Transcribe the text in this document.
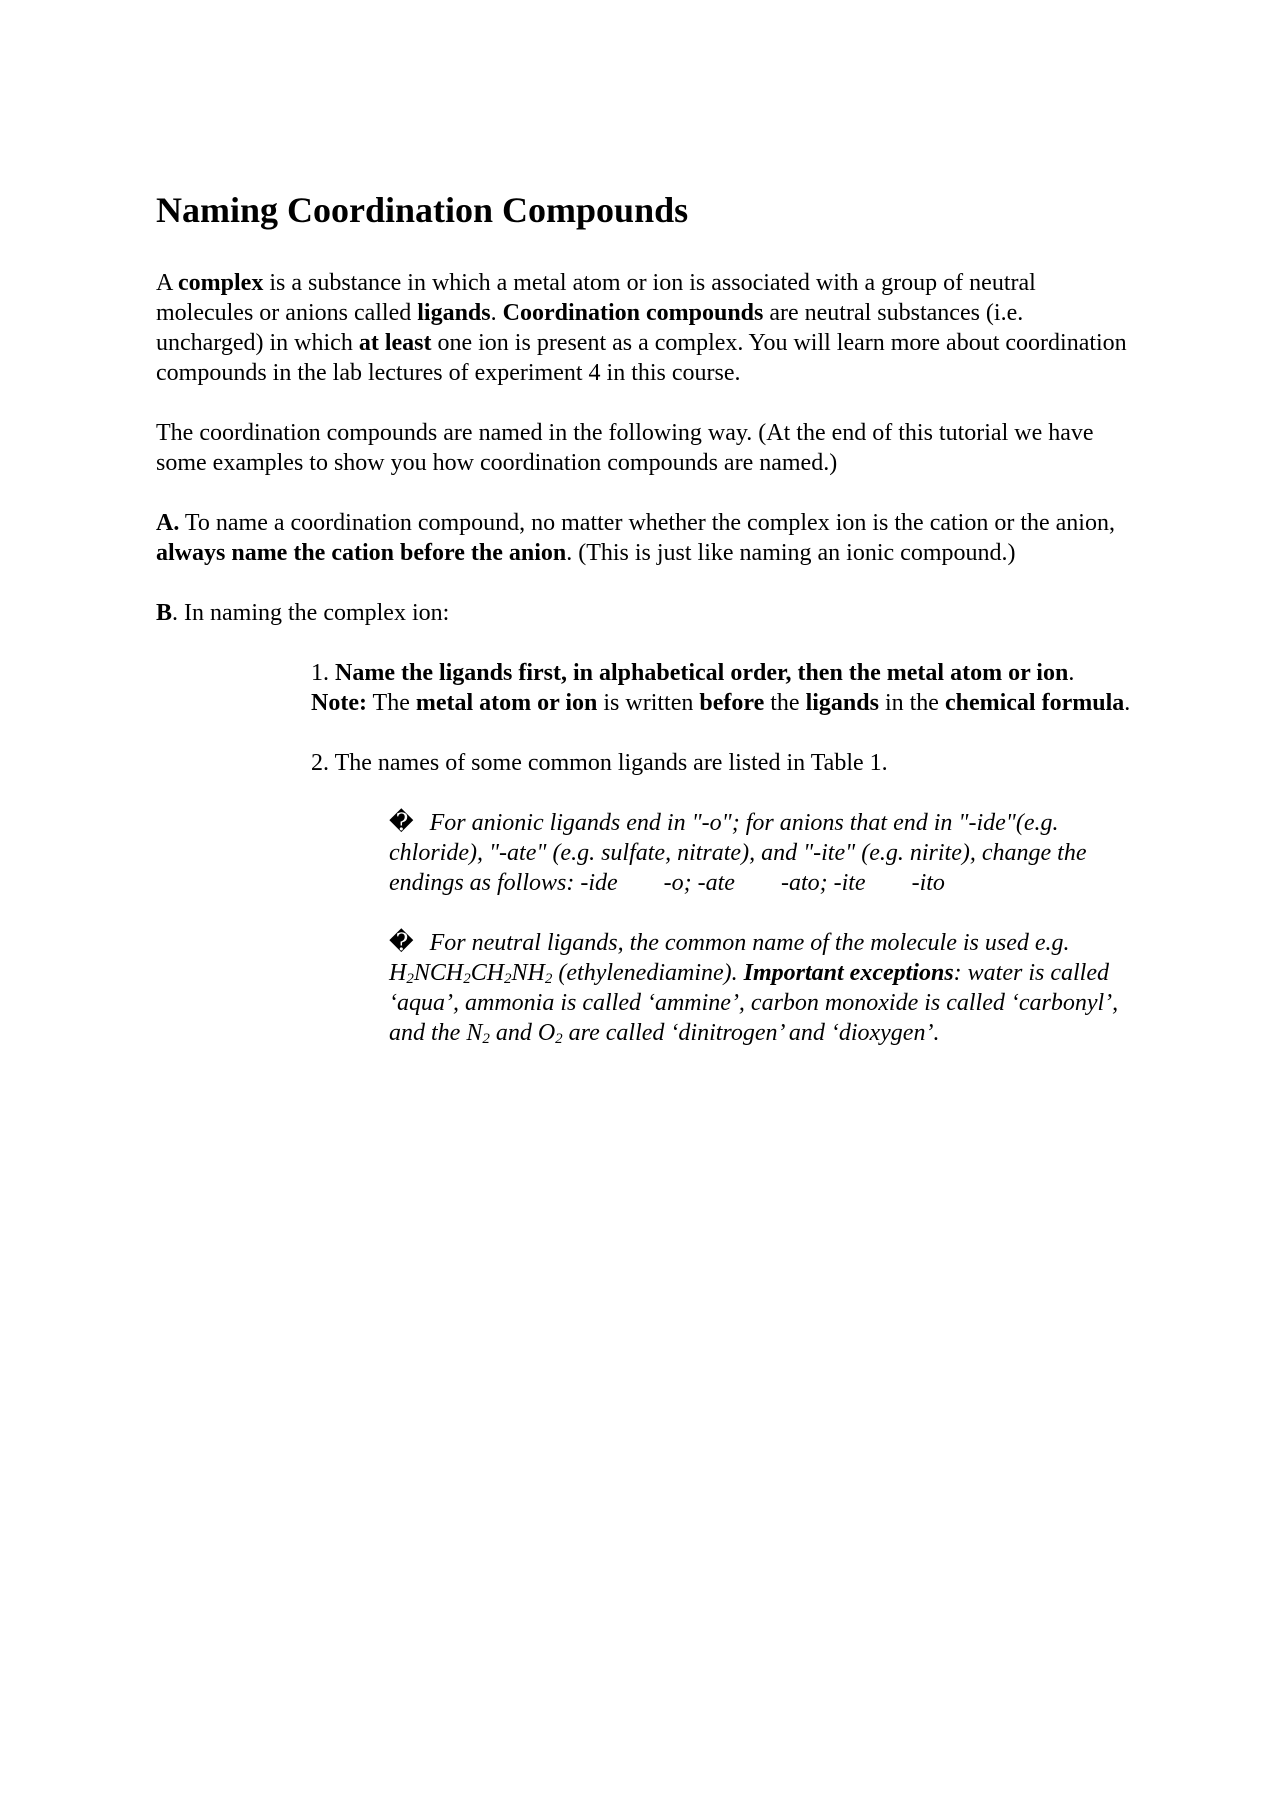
Naming Coordination Compounds

A complex is a substance in which a metal atom or ion is associated with a group of neutral molecules or anions called ligands. Coordination compounds are neutral substances (i.e. uncharged) in which at least one ion is present as a complex. You will learn more about coordination compounds in the lab lectures of experiment 4 in this course.

The coordination compounds are named in the following way. (At the end of this tutorial we have some examples to show you how coordination compounds are named.)

A. To name a coordination compound, no matter whether the complex ion is the cation or the anion, always name the cation before the anion. (This is just like naming an ionic compound.)

B. In naming the complex ion:

1. Name the ligands first, in alphabetical order, then the metal atom or ion. Note: The metal atom or ion is written before the ligands in the chemical formula.

2. The names of some common ligands are listed in Table 1.

� For anionic ligands end in "-o"; for anions that end in "-ide"(e.g. chloride), "-ate" (e.g. sulfate, nitrate), and "-ite" (e.g. nirite), change the endings as follows: -ide -o; -ate -ato; -ite -ito

� For neutral ligands, the common name of the molecule is used e.g. $H_2NCH_2CH_2NH_2$ (ethylenediamine). Important exceptions: water is called ‘aqua’, ammonia is called ‘ammine’, carbon monoxide is called ‘carbonyl’, and the $N_2$ and $O_2$ are called ‘dinitrogen’ and ‘dioxygen’.
